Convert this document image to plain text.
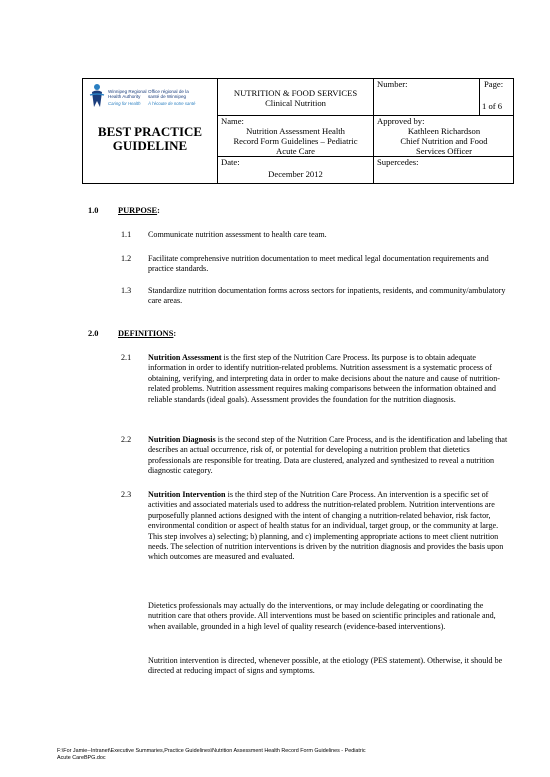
Winnipeg Regional
Health Authority
Office régional de la
santé de Winnipeg
Caring for Health À l'écoute de notre santé
BEST PRACTICE
GUIDELINE
NUTRITION & FOOD SERVICES
Clinical Nutrition
Number:	Page:
1 of 6
Name:
Nutrition Assessment Health
Record Form Guidelines – Pediatric
Acute Care
Approved by:
Kathleen Richardson
Chief Nutrition and Food
Services Officer
Date:
December 2012
Supercedes:
1.0 PURPOSE:
1.1 Communicate nutrition assessment to health care team.
1.2 Facilitate comprehensive nutrition documentation to meet medical legal documentation requirements and practice standards.
1.3 Standardize nutrition documentation forms across sectors for inpatients, residents, and community/ambulatory care areas.
2.0 DEFINITIONS:
2.1 Nutrition Assessment is the first step of the Nutrition Care Process. Its purpose is to obtain adequate information in order to identify nutrition-related problems. Nutrition assessment is a systematic process of obtaining, verifying, and interpreting data in order to make decisions about the nature and cause of nutrition-related problems. Nutrition assessment requires making comparisons between the information obtained and reliable standards (ideal goals). Assessment provides the foundation for the nutrition diagnosis.
2.2 Nutrition Diagnosis is the second step of the Nutrition Care Process, and is the identification and labeling that describes an actual occurrence, risk of, or potential for developing a nutrition problem that dietetics professionals are responsible for treating. Data are clustered, analyzed and synthesized to reveal a nutrition diagnostic category.
2.3 Nutrition Intervention is the third step of the Nutrition Care Process. An intervention is a specific set of activities and associated materials used to address the nutrition-related problem. Nutrition interventions are purposefully planned actions designed with the intent of changing a nutrition-related behavior, risk factor, environmental condition or aspect of health status for an individual, target group, or the community at large. This step involves a) selecting; b) planning, and c) implementing appropriate actions to meet client nutrition needs. The selection of nutrition interventions is driven by the nutrition diagnosis and provides the basis upon which outcomes are measured and evaluated.
Dietetics professionals may actually do the interventions, or may include delegating or coordinating the nutrition care that others provide. All interventions must be based on scientific principles and rationale and, when available, grounded in a high level of quality research (evidence-based interventions).
Nutrition intervention is directed, whenever possible, at the etiology (PES statement). Otherwise, it should be directed at reducing impact of signs and symptoms.
F:\For Jamie--Intranet\Executive Summaries,Practice Guidelines\Nutrition Assessment Health Record Form Guidelines - Pediatric
Acute CareBPG.doc
